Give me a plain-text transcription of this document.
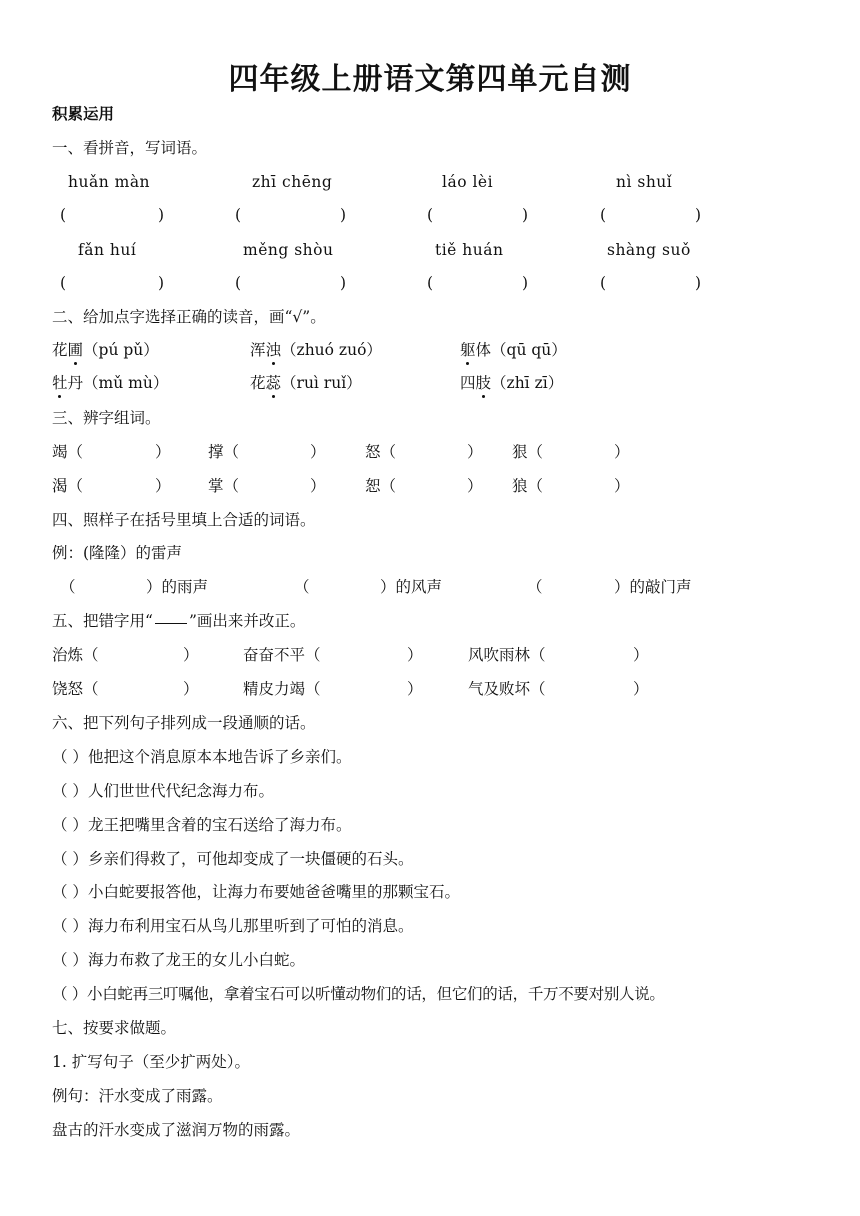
四年级上册语文第四单元自测
积累运用
一、看拼音，写词语。
huǎn màn	zhī chēng	láo lèi	nì shuǐ
(	)	(	)	(	)	(	)
fǎn huí	měng shòu	tiě huán	shàng suǒ
(	)	(	)	(	)	(	)
二、给加点字选择正确的读音，画“√”。
花圃（pú pǔ）	浑浊（zhuó zuó）	躯体（qū qū）
牡丹（mǔ mù）	花蕊（ruì ruǐ）	四肢（zhī zī）
三、辨字组词。
竭（	） 撑（	）	怒（	） 狠（	）
渴（	） 掌（	）	恕（	） 狼（	）
四、照样子在括号里填上合适的词语。
例：(隆隆）的雷声
（	）的雨声	（	）的风声	（	）的敲门声
五、把错字用“ ”画出来并改正。
治炼（	）	奋奋不平（	）	风吹雨林（	）
饶怒（	）	精皮力竭（	）	气及败坏（	）
六、把下列句子排列成一段通顺的话。
（ ）他把这个消息原本本地告诉了乡亲们。
（ ）人们世世代代纪念海力布。
（ ）龙王把嘴里含着的宝石送给了海力布。
（ ）乡亲们得救了，可他却变成了一块僵硬的石头。
（ ）小白蛇要报答他，让海力布要她爸爸嘴里的那颗宝石。
（ ）海力布利用宝石从鸟儿那里听到了可怕的消息。
（ ）海力布救了龙王的女儿小白蛇。
（ ）小白蛇再三叮嘱他，拿着宝石可以听懂动物们的话，但它们的话，千万不要对别人说。
七、按要求做题。
1. 扩写句子（至少扩两处）。
例句：汗水变成了雨露。
盘古的汗水变成了滋润万物的雨露。
